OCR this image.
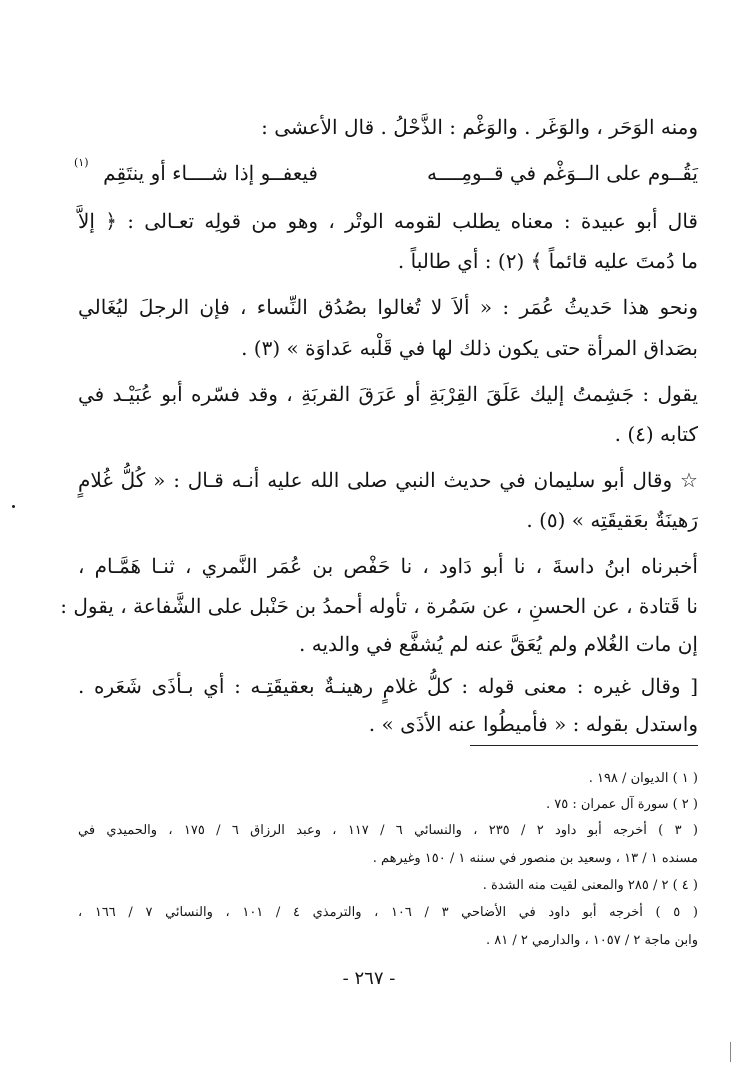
ومنه الوَحَر ، والوَغَر . والوَغْم : الذَّحْلُ . قال الأعشى :
يَقُــوم على الــوَغْم في قــومِــــه
فيعفــو إذا شــــاء أو ينتَقِم
(١)
قال أبو عبيدة : معناه يطلب لقومه الوتْر ، وهو من قولِه تعـالى : ﴿ إلاَّ
ما دُمتَ عليه قائماً ﴾ (٢) : أي طالباً .
ونحو هذا حَديثُ عُمَر : « ألاَ لا تُغالوا بصُدُق النِّساء ، فإن الرجلَ ليُغَالي
بصَداق المرأة حتى يكون ذلك لها في قَلْبه عَداوَة » (٣) .
يقول : جَشِمتُ إليك عَلَقَ القِرْبَةِ أو عَرَقَ القربَةِ ، وقد فسّره أبو عُبَيْـد في
كتابه (٤) .
☆ وقال أبو سليمان في حديث النبي صلى الله عليه أنـه قـال : « كُلُّ غُلامٍ
رَهينَةٌ بعَقيقَتِه » (٥) .
أخبرناه ابنُ داسةَ ، نا أبو دَاود ، نا حَفْص بن عُمَر النَّمري ، ثنـا هَمَّـام ،
نا قَتادة ، عن الحسنِ ، عن سَمُرة ، تأوله أحمدُ بن حَنْبل على الشَّفاعة ، يقول :
إن مات الغُلام ولم يُعَقَّ عنه لم يُشفَّع في والديه .
[ وقال غيره : معنى قوله : كلُّ غلامٍ رهينـةٌ بعقيقَتِـه : أي بـأذَى شَعَره .
واستدل بقوله : « فأميطُوا عنه الأذَى » .
( ١ ) الديوان / ١٩٨ .
( ٢ ) سورة آل عمران : ٧٥ .
( ٣ ) أخرجه أبو داود ٢ / ٢٣٥ ، والنسائي ٦ / ١١٧ ، وعبد الرزاق ٦ / ١٧٥ ، والحميدي في
مسنده ١ / ١٣ ، وسعيد بن منصور في سننه ١ / ١٥٠ وغيرهم .
( ٤ ) ٢ / ٢٨٥ والمعنى لقيت منه الشدة .
( ٥ ) أخرجه أبو داود في الأضاحي ٣ / ١٠٦ ، والترمذي ٤ / ١٠١ ، والنسائي ٧ / ١٦٦ ،
وابن ماجة ٢ / ١٠٥٧ ، والدارمي ٢ / ٨١ .
- ٢٦٧ -
